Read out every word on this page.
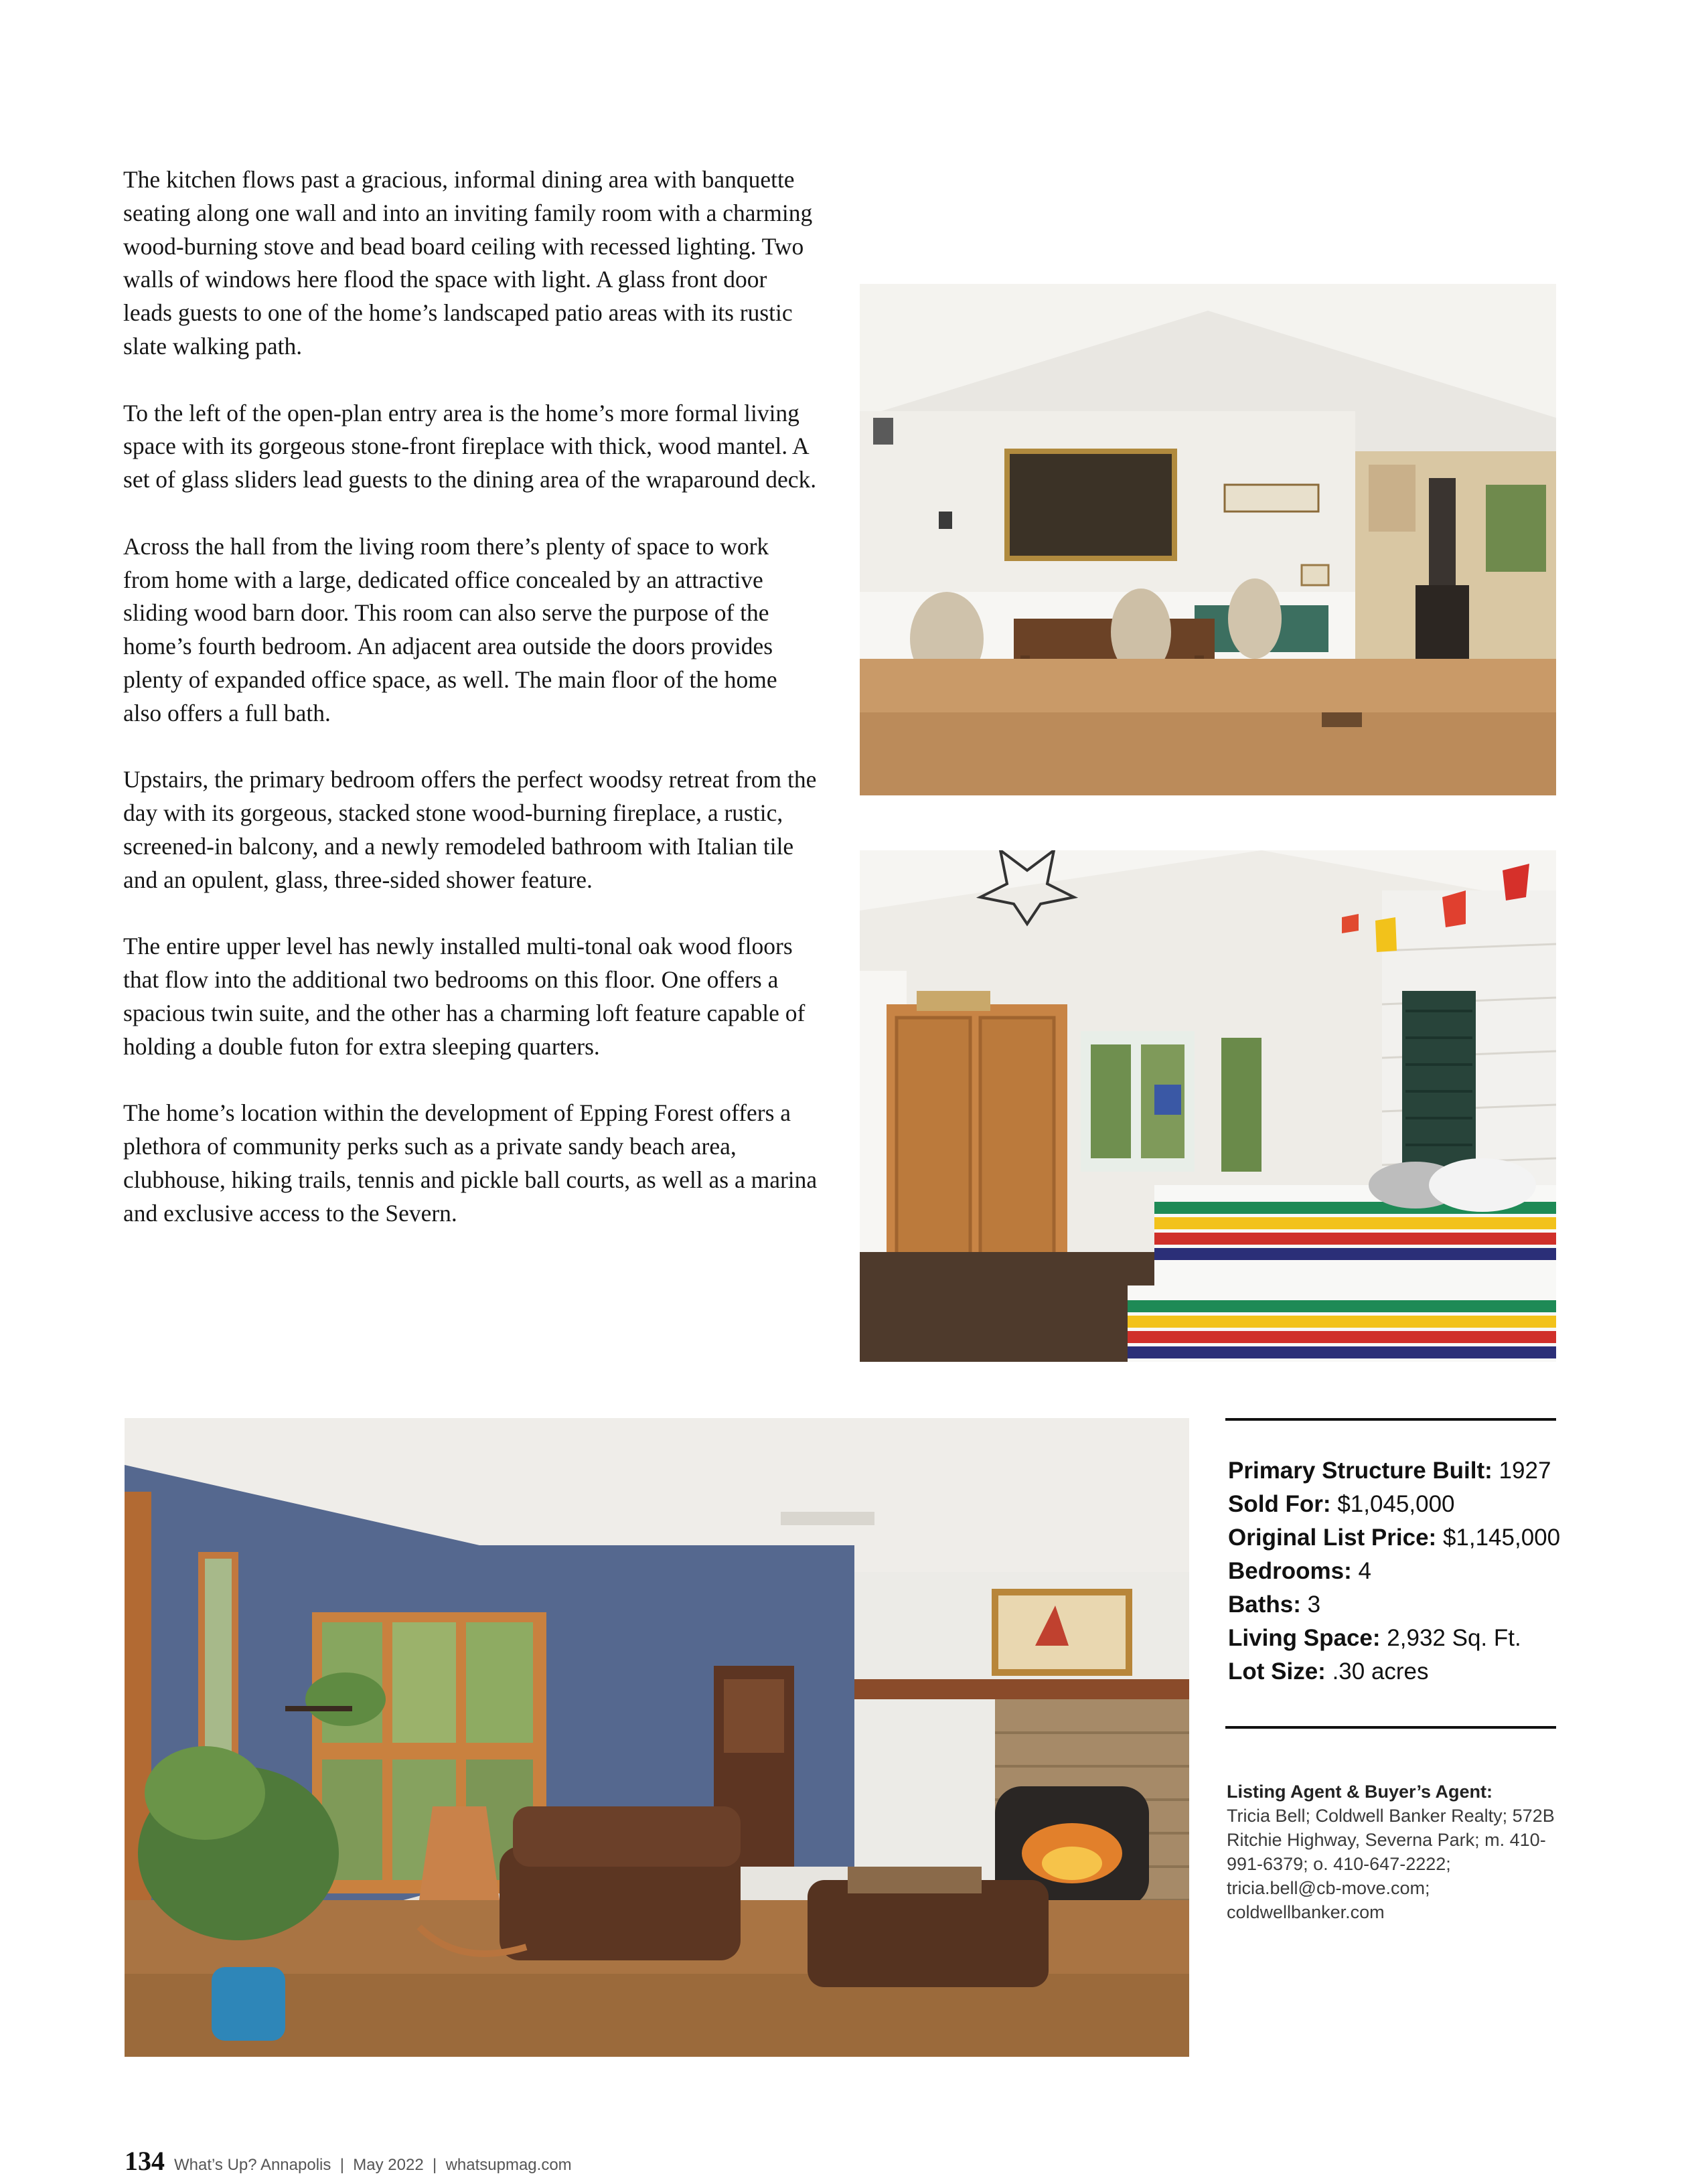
The kitchen flows past a gracious, informal dining area with banquette seating along one wall and into an inviting family room with a charming wood-burning stove and bead board ceiling with recessed lighting. Two walls of windows here flood the space with light. A glass front door leads guests to one of the home’s landscaped patio areas with its rustic slate walking path.

To the left of the open-plan entry area is the home’s more formal living space with its gorgeous stone-front fireplace with thick, wood mantel. A set of glass sliders lead guests to the dining area of the wraparound deck.

Across the hall from the living room there’s plenty of space to work from home with a large, dedicated office concealed by an attractive sliding wood barn door. This room can also serve the purpose of the home’s fourth bedroom. An adjacent area outside the doors provides plenty of expanded office space, as well. The main floor of the home also offers a full bath.

Upstairs, the primary bedroom offers the perfect woodsy retreat from the day with its gorgeous, stacked stone wood-burning fireplace, a rustic, screened-in balcony, and a newly remodeled bathroom with Italian tile and an opulent, glass, three-sided shower feature.

The entire upper level has newly installed multi-tonal oak wood floors that flow into the additional two bedrooms on this floor. One offers a spacious twin suite, and the other has a charming loft feature capable of holding a double futon for extra sleeping quarters.

The home’s location within the development of Epping Forest offers a plethora of community perks such as a private sandy beach area, clubhouse, hiking trails, tennis and pickle ball courts, as well as a marina and exclusive access to the Severn.

Primary Structure Built: 1927
Sold For: $1,045,000
Original List Price: $1,145,000
Bedrooms: 4
Baths: 3
Living Space: 2,932 Sq. Ft.
Lot Size: .30 acres
Listing Agent & Buyer’s Agent:
Tricia Bell; Coldwell Banker Realty; 572B Ritchie Highway, Severna Park; m. 410-991-6379; o. 410-647-2222; tricia.bell@cb-move.com; coldwellbanker.com
134 What’s Up? Annapolis  |  May 2022  |  whatsupmag.com
